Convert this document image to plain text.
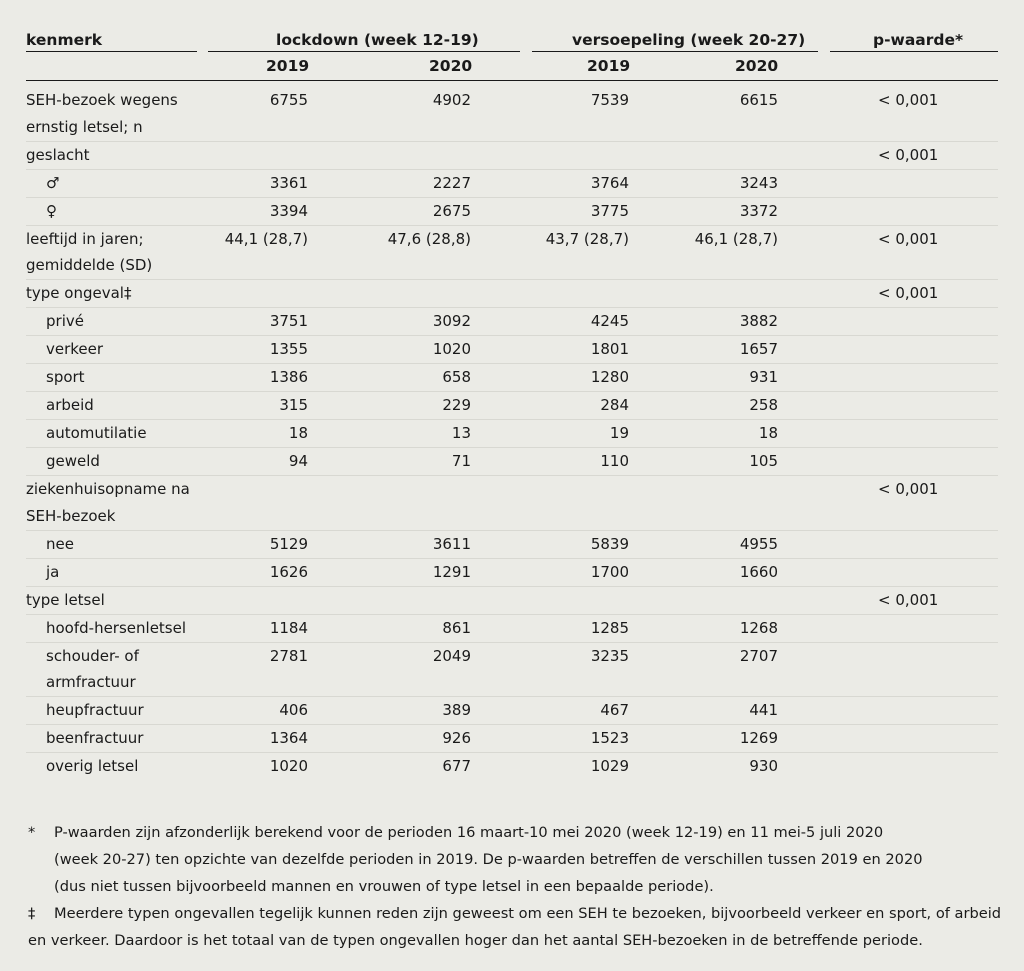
kenmerk	lockdown (week 12-19)	versoepeling (week 20-27)	p-waarde*
2019	2020	2019	2020
SEH-bezoek wegens
ernstig letsel; n
6755	4902	7539	6615	< 0,001
geslacht	< 0,001
♂	3361	2227	3764	3243
♀	3394	2675	3775	3372
leeftijd in jaren;
gemiddelde (SD)
44,1 (28,7)	47,6 (28,8)	43,7 (28,7)	46,1 (28,7)	< 0,001
type ongeval‡	< 0,001
privé	3751	3092	4245	3882
verkeer	1355	1020	1801	1657
sport	1386	658	1280	931
arbeid	315	229	284	258
automutilatie	18	13	19	18
geweld	94	71	110	105
ziekenhuisopname na
SEH-bezoek
< 0,001
nee	5129	3611	5839	4955
ja	1626	1291	1700	1660
type letsel	< 0,001
hoofd-hersenletsel	1184	861	1285	1268
schouder- of
armfractuur
2781	2049	3235	2707
heupfractuur	406	389	467	441
beenfractuur	1364	926	1523	1269
overig letsel	1020	677	1029	930
* P-waarden zijn afzonderlijk berekend voor de perioden 16 maart-10 mei 2020 (week 12-19) en 11 mei-5 juli 2020
(week 20-27) ten opzichte van dezelfde perioden in 2019. De p-waarden betreffen de verschillen tussen 2019 en 2020
(dus niet tussen bijvoorbeeld mannen en vrouwen of type letsel in een bepaalde periode).
‡ Meerdere typen ongevallen tegelijk kunnen reden zijn geweest om een SEH te bezoeken, bijvoorbeeld verkeer en sport, of arbeid
en verkeer. Daardoor is het totaal van de typen ongevallen hoger dan het aantal SEH-bezoeken in de betreffende periode.
